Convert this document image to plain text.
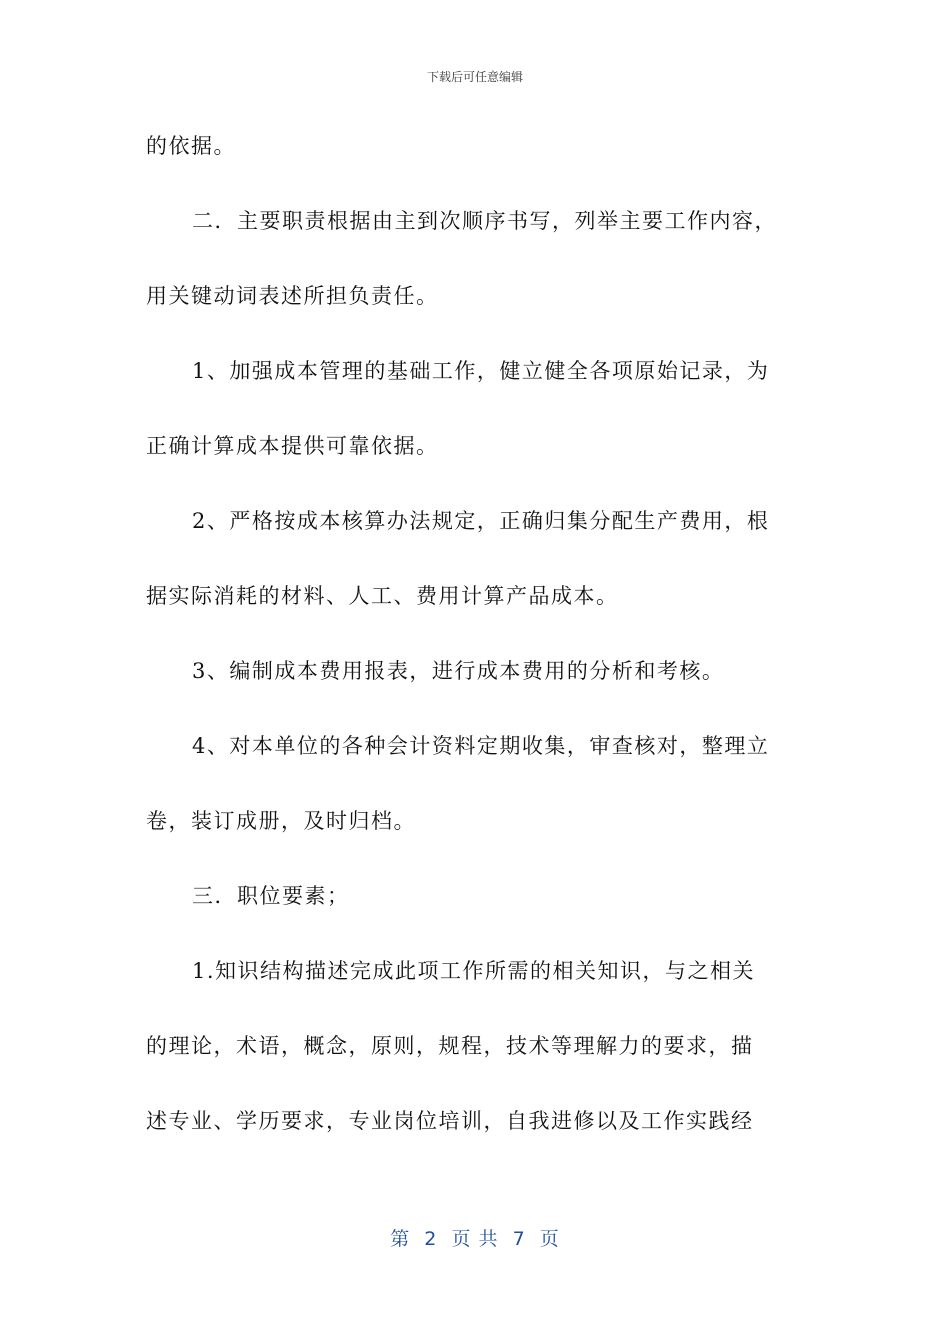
下载后可任意编辑
的依据。
二．主要职责根据由主到次顺序书写，列举主要工作内容，
用关键动词表述所担负责任。
1、加强成本管理的基础工作，健立健全各项原始记录，为
正确计算成本提供可靠依据。
2、严格按成本核算办法规定，正确归集分配生产费用，根
据实际消耗的材料、人工、费用计算产品成本。
3、编制成本费用报表，进行成本费用的分析和考核。
4、对本单位的各种会计资料定期收集，审查核对，整理立
卷，装订成册，及时归档。
三．职位要素；
1.知识结构描述完成此项工作所需的相关知识，与之相关
的理论，术语，概念，原则，规程，技术等理解力的要求，描
述专业、学历要求，专业岗位培训，自我进修以及工作实践经
第  2  页 共  7  页
